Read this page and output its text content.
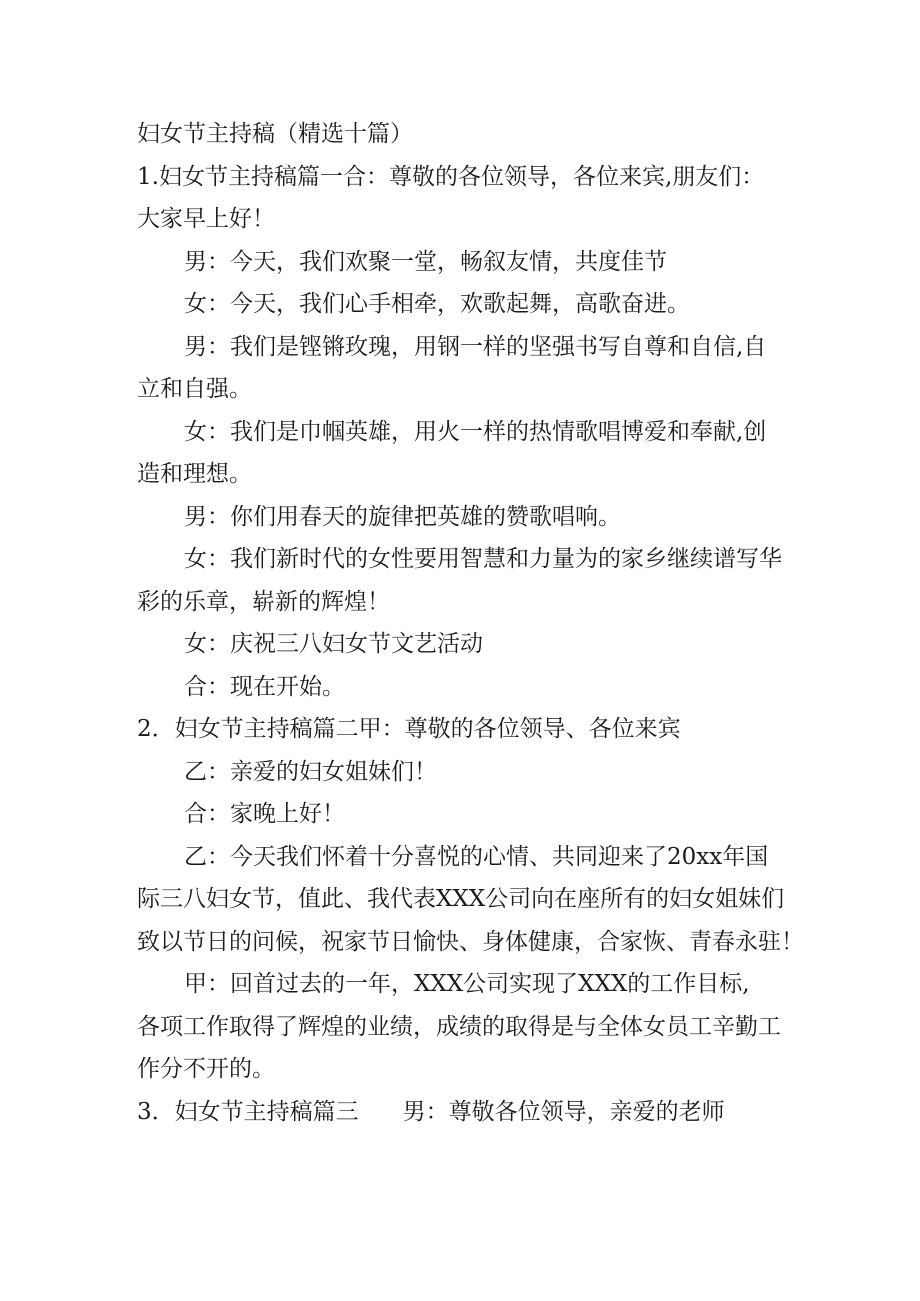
妇女节主持稿（精选十篇）
1.妇女节主持稿篇一合：尊敬的各位领导，各位来宾,朋友们：
大家早上好！
男：今天，我们欢聚一堂，畅叙友情，共度佳节
女：今天，我们心手相牵，欢歌起舞，高歌奋进。
男：我们是铿锵玫瑰，用钢一样的坚强书写自尊和自信,自
立和自强。
女：我们是巾帼英雄，用火一样的热情歌唱博爱和奉献,创
造和理想。
男：你们用春天的旋律把英雄的赞歌唱响。
女：我们新时代的女性要用智慧和力量为的家乡继续谱写华
彩的乐章，崭新的辉煌！
女：庆祝三八妇女节文艺活动
合：现在开始。
2．妇女节主持稿篇二甲：尊敬的各位领导、各位来宾
乙：亲爱的妇女姐妹们！
合：家晚上好！
乙：今天我们怀着十分喜悦的心情、共同迎来了20xx年国
际三八妇女节，值此、我代表XXX公司向在座所有的妇女姐妹们
致以节日的问候，祝家节日愉快、身体健康，合家恢、青春永驻！
甲：回首过去的一年，XXX公司实现了XXX的工作目标,
各项工作取得了辉煌的业绩，成绩的取得是与全体女员工辛勤工
作分不开的。
3．妇女节主持稿篇三 男：尊敬各位领导，亲爱的老师
